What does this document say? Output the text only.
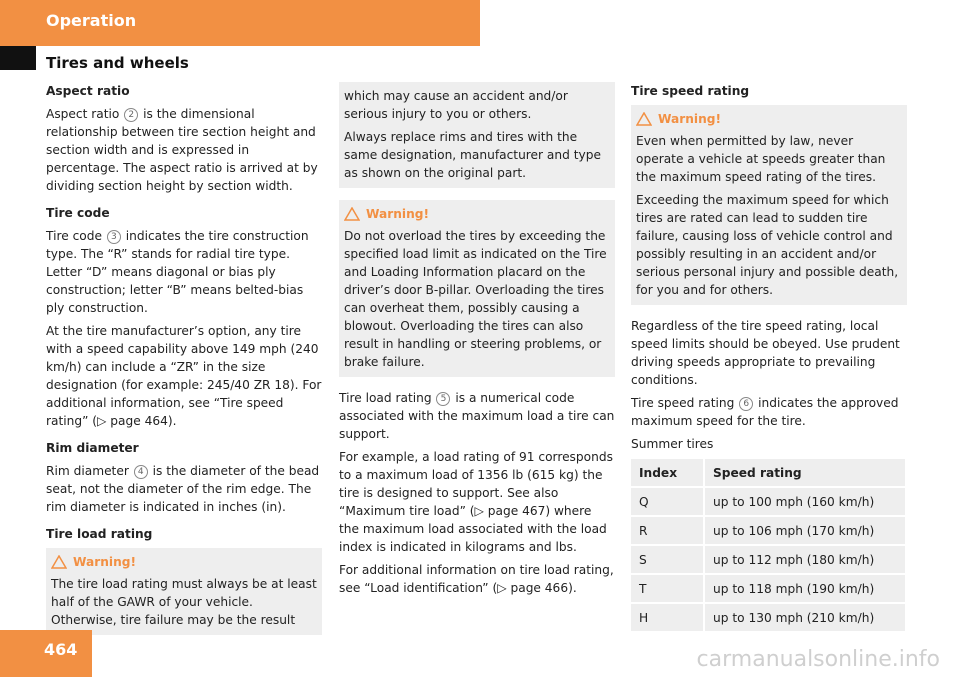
Operation
Tires and wheels
Aspect ratio

Aspect ratio 2 is the dimensional relationship between tire section height and section width and is expressed in percentage. The aspect ratio is arrived at by dividing section height by section width.

Tire code

Tire code 3 indicates the tire construction type. The “R” stands for radial tire type. Letter “D” means diagonal or bias ply construction; letter “B” means belted-bias ply construction.

At the tire manufacturer’s option, any tire with a speed capability above 149 mph (240 km/h) can include a “ZR” in the size designation (for example: 245/40 ZR 18). For additional information, see “Tire speed rating” (▷ page 464).

Rim diameter

Rim diameter 4 is the diameter of the bead seat, not the diameter of the rim edge. The rim diameter is indicated in inches (in).

Tire load rating
Warning!
The tire load rating must always be at least half of the GAWR of your vehicle. Otherwise, tire failure may be the result

which may cause an accident and/or serious injury to you or others.

Always replace rims and tires with the same designation, manufacturer and type as shown on the original part.

Warning!
Do not overload the tires by exceeding the specified load limit as indicated on the Tire and Loading Information placard on the driver’s door B-pillar. Overloading the tires can overheat them, possibly causing a blowout. Overloading the tires can also result in handling or steering problems, or brake failure.

Tire load rating 5 is a numerical code associated with the maximum load a tire can support.

For example, a load rating of 91 corresponds to a maximum load of 1356 lb (615 kg) the tire is designed to support. See also “Maximum tire load” (▷ page 467) where the maximum load associated with the load index is indicated in kilograms and lbs.

For additional information on tire load rating, see “Load identification” (▷ page 466).

Tire speed rating
Warning!

Even when permitted by law, never operate a vehicle at speeds greater than the maximum speed rating of the tires.

Exceeding the maximum speed for which tires are rated can lead to sudden tire failure, causing loss of vehicle control and possibly resulting in an accident and/or serious personal injury and possible death, for you and for others.

Regardless of the tire speed rating, local speed limits should be obeyed. Use prudent driving speeds appropriate to prevailing conditions.

Tire speed rating 6 indicates the approved maximum speed for the tire.

Summer tires

Index	Speed rating
Q	up to 100 mph (160 km/h)
R	up to 106 mph (170 km/h)
S	up to 112 mph (180 km/h)
T	up to 118 mph (190 km/h)
H	up to 130 mph (210 km/h)
464	carmanualsonline.info
